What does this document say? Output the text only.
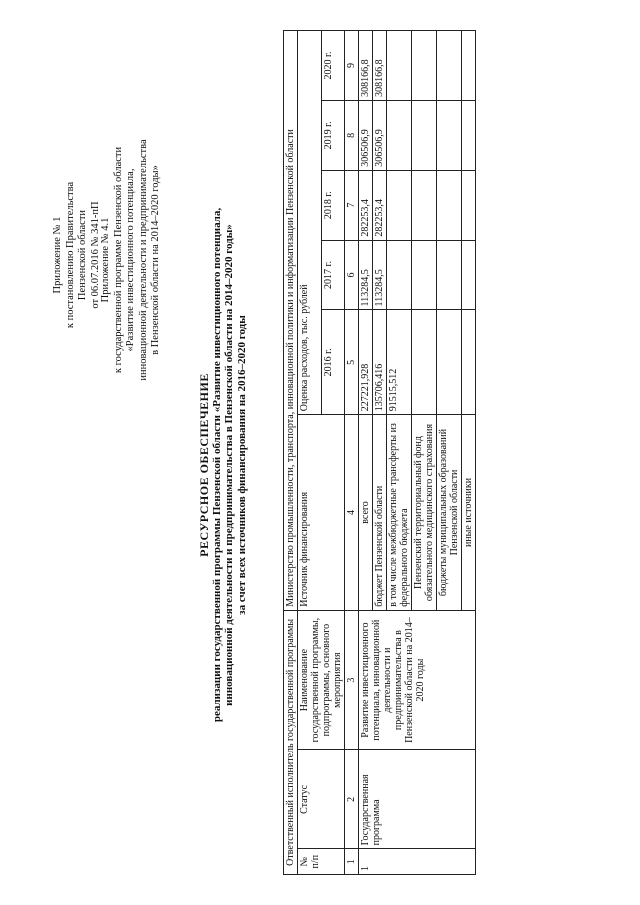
Приложение № 1 к постановлению Правительства Пензенской области от 06.07.2016 № 341-пП Приложение № 4.1 к государственной программе Пензенской области «Развитие инвестиционного потенциала, инновационной деятельности и предпринимательства в Пензенской области на 2014–2020 годы»
РЕСУРСНОЕ ОБЕСПЕЧЕНИЕ реализации государственной программы Пензенской области «Развитие инвестиционного потенциала, инновационной деятельности и предпринимательства в Пензенской области на 2014–2020 годы» за счет всех источников финансирования на 2016–2020 годы
Ответственный исполнитель государственной программы			Министерство промышленности, транспорта, инновационной политики и информатизации Пензенской области					
№ п/п	Статус	Наименование государственной программы, подпрограммы, основного мероприятия	Источник финансирования	Оценка расходов, тыс. рублей				
				2016 г.	2017 г.	2018 г.	2019 г.	2020 г.
1	2	3	4	5	6	7	8	9
1	Государственная программа	Развитие инвестиционного потенциала, инновационной деятельности и предпринимательства в Пензенской области на 2014–2020 годы	всего	227221,928	113284,5	282253,4	306506,9	308166,8
			бюджет Пензенской области	135706,416	113284,5	282253,4	306506,9	308166,8
			в том числе межбюджетные трансферты из федерального бюджета	91515,512				
			Пензенский территориальный фонд обязательного медицинского страхования					
			бюджеты муниципальных образований Пензенской области					
			иные источники					
